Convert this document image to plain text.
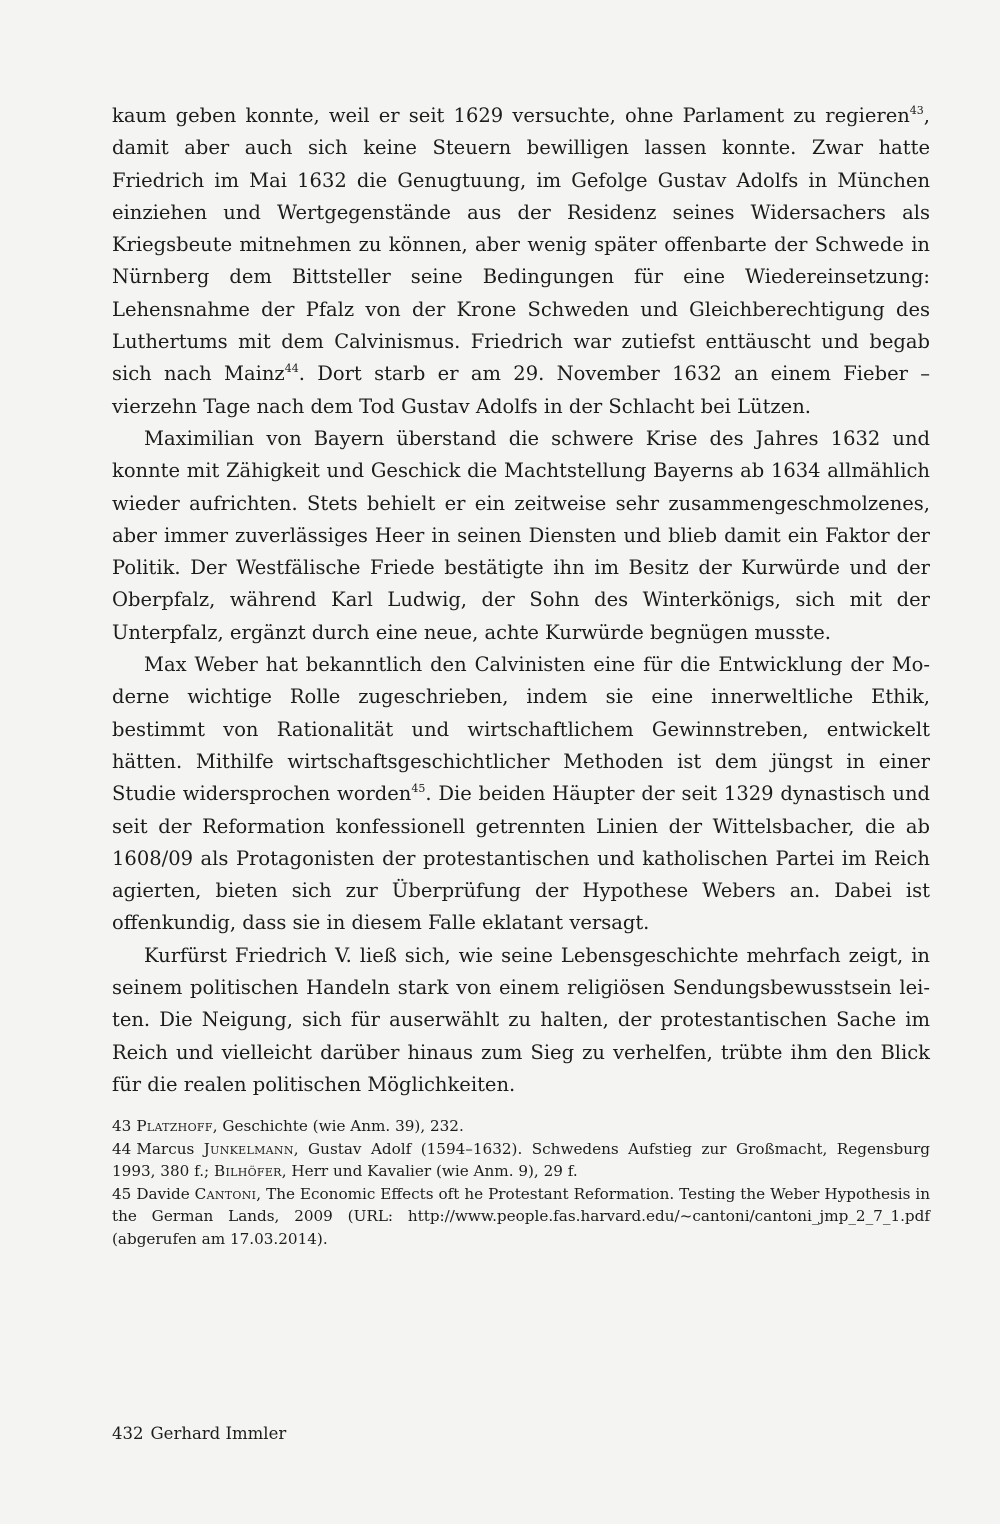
kaum geben konnte, weil er seit 1629 versuchte, ohne Parlament zu regieren$^{43}$, damit aber auch sich keine Steuern bewilligen lassen konnte. Zwar hatte Friedrich im Mai 1632 die Genugtuung, im Gefolge Gustav Adolfs in München einziehen und Wertgegenstände aus der Residenz seines Widersachers als Kriegsbeute mitnehmen zu können, aber wenig später offenbarte der Schwede in Nürnberg dem Bittsteller seine Bedingungen für eine Wiedereinsetzung: Lehensnahme der Pfalz von der Krone Schweden und Gleichberechtigung des Luthertums mit dem Calvinismus. Friedrich war zutiefst enttäuscht und begab sich nach Mainz$^{44}$. Dort starb er am 29. November 1632 an einem Fieber – vierzehn Tage nach dem Tod Gustav Adolfs in der Schlacht bei Lützen.

Maximilian von Bayern überstand die schwere Krise des Jahres 1632 und konnte mit Zähigkeit und Geschick die Machtstellung Bayerns ab 1634 allmählich wieder aufrichten. Stets behielt er ein zeitweise sehr zusammengeschmolzenes, aber immer zuverlässiges Heer in seinen Diensten und blieb damit ein Faktor der Politik. Der Westfälische Friede bestätigte ihn im Besitz der Kurwürde und der Oberpfalz, während Karl Ludwig, der Sohn des Winterkönigs, sich mit der Unterpfalz, ergänzt durch eine neue, achte Kurwürde begnügen musste.

Max Weber hat bekanntlich den Calvinisten eine für die Entwicklung der Moderne wichtige Rolle zugeschrieben, indem sie eine innerweltliche Ethik, bestimmt von Rationalität und wirtschaftlichem Gewinnstreben, entwickelt hätten. Mithilfe wirtschaftsgeschichtlicher Methoden ist dem jüngst in einer Studie widersprochen worden$^{45}$. Die beiden Häupter der seit 1329 dynastisch und seit der Reformation konfessionell getrennten Linien der Wittelsbacher, die ab 1608/09 als Protagonisten der protestantischen und katholischen Partei im Reich agierten, bieten sich zur Überprüfung der Hypothese Webers an. Dabei ist offenkundig, dass sie in diesem Falle eklatant versagt.

Kurfürst Friedrich V. ließ sich, wie seine Lebensgeschichte mehrfach zeigt, in seinem politischen Handeln stark von einem religiösen Sendungsbewusstsein leiten. Die Neigung, sich für auserwählt zu halten, der protestantischen Sache im Reich und vielleicht darüber hinaus zum Sieg zu verhelfen, trübte ihm den Blick für die realen politischen Möglichkeiten.

43 Platzhoff, Geschichte (wie Anm. 39), 232.

44 Marcus Junkelmann, Gustav Adolf (1594–1632). Schwedens Aufstieg zur Großmacht, Regensburg 1993, 380 f.; Bilhöfer, Herr und Kavalier (wie Anm. 9), 29 f.

45 Davide Cantoni, The Economic Effects oft he Protestant Reformation. Testing the Weber Hypothesis in the German Lands, 2009 (URL: http://www.people.fas.harvard.edu/~cantoni/cantoni_​jmp_2_7_1.pdf (abgerufen am 17.03.2014).

432 Gerhard Immler
